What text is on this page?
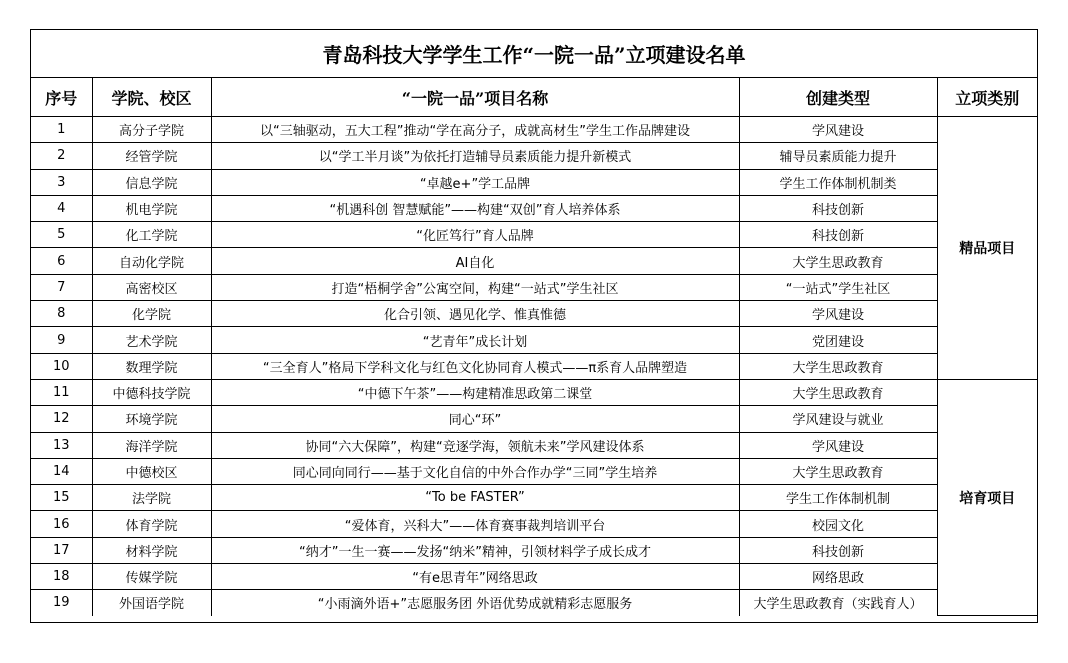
青岛科技大学学生工作“一院一品”立项建设名单
序号	学院、校区	“一院一品”项目名称	创建类型	立项类别
1	高分子学院	以“三轴驱动，五大工程”推动“学在高分子，成就高材生”学生工作品牌建设	学风建设	精品项目
2	经管学院	以“学工半月谈”为依托打造辅导员素质能力提升新模式	辅导员素质能力提升	
3	信息学院	“卓越e+”学工品牌	学生工作体制机制类	
4	机电学院	“机遇科创 智慧赋能”——构建“双创”育人培养体系	科技创新	
5	化工学院	“化匠笃行”育人品牌	科技创新	
6	自动化学院	AI自化	大学生思政教育	
7	高密校区	打造“梧桐学舍”公寓空间，构建“一站式”学生社区	“一站式”学生社区	
8	化学院	化合引领、遇见化学、惟真惟德	学风建设	
9	艺术学院	“艺青年”成长计划	党团建设	
10	数理学院	“三全育人”格局下学科文化与红色文化协同育人模式——π系育人品牌塑造	大学生思政教育	
11	中德科技学院	“中德下午茶”——构建精准思政第二课堂	大学生思政教育	培育项目
12	环境学院	同心“环”	学风建设与就业	
13	海洋学院	协同“六大保障”，构建“竞逐学海，领航未来”学风建设体系	学风建设	
14	中德校区	同心同向同行——基于文化自信的中外合作办学“三同”学生培养	大学生思政教育	
15	法学院	“To be FASTER”	学生工作体制机制	
16	体育学院	“爱体育，兴科大”——体育赛事裁判培训平台	校园文化	
17	材料学院	“纳才”一生一赛——发扬“纳米”精神，引领材料学子成长成才	科技创新	
18	传媒学院	“有e思青年”网络思政	网络思政	
19	外国语学院	“小雨滴外语+”志愿服务团 外语优势成就精彩志愿服务	大学生思政教育（实践育人）	
